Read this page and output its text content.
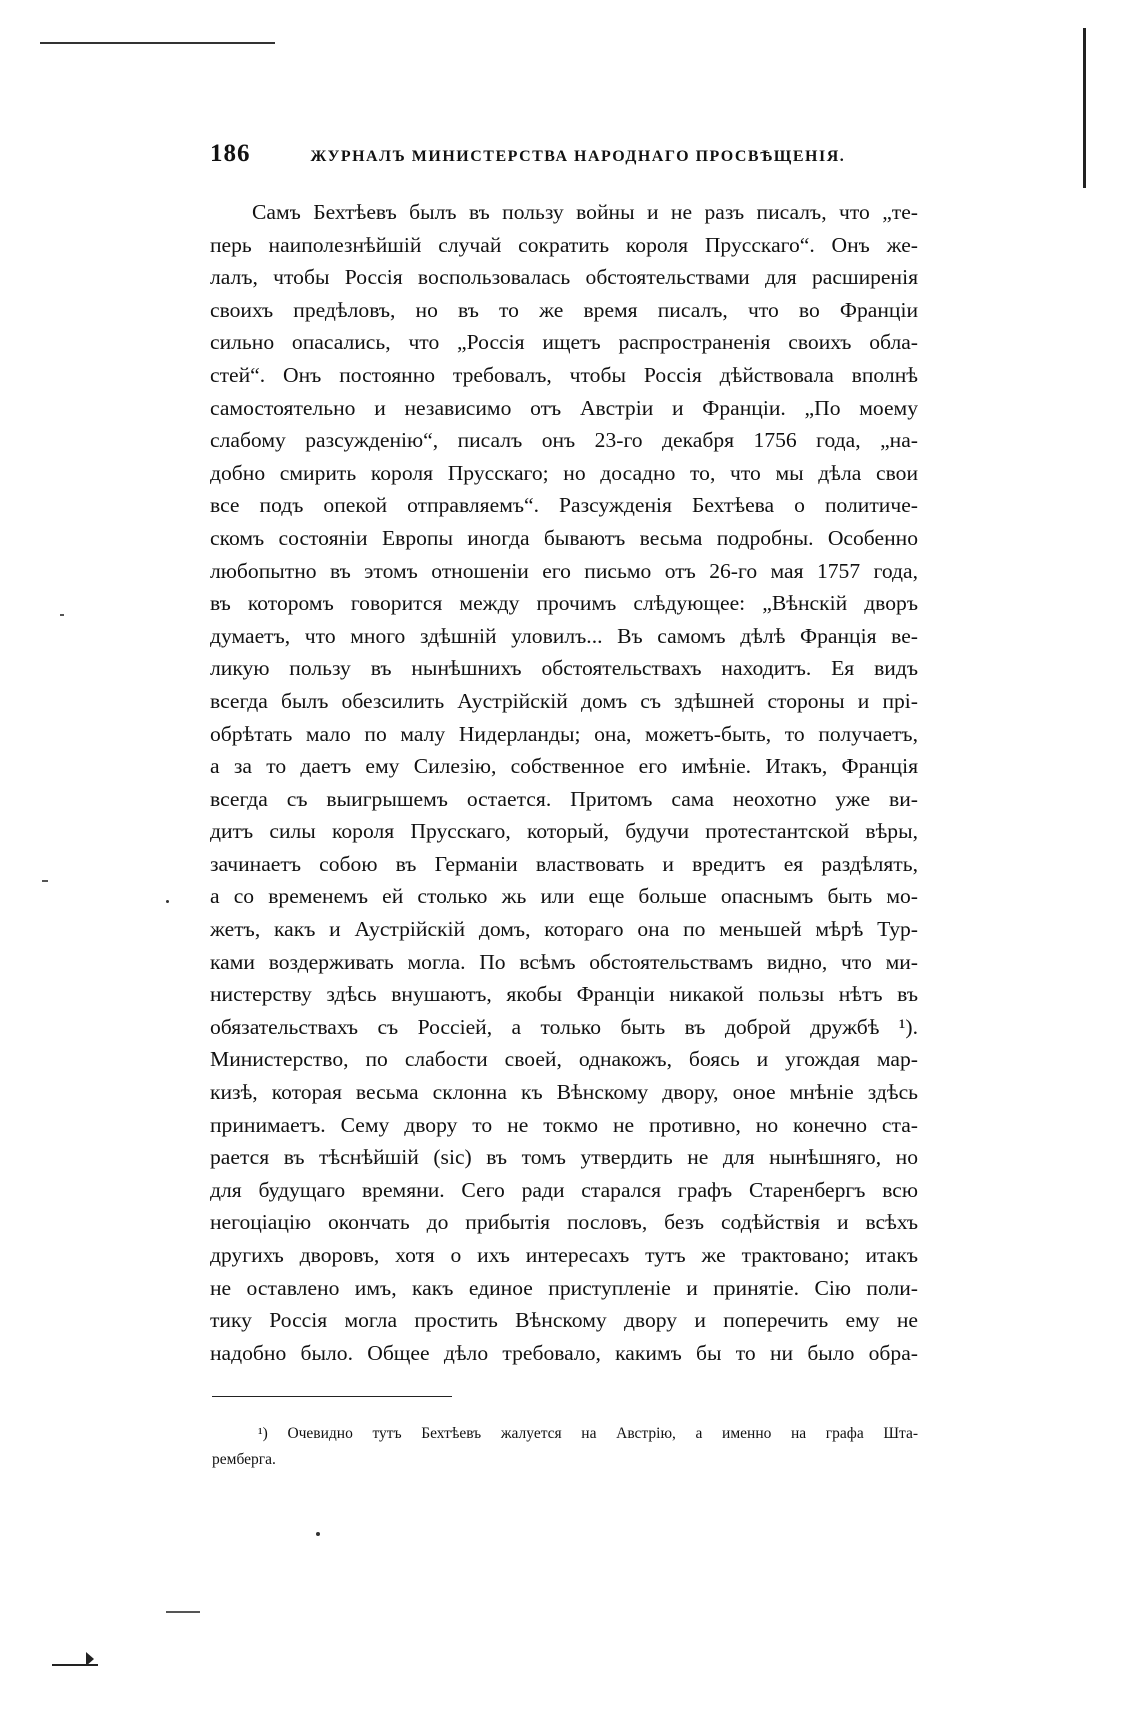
186	ЖУРНАЛЪ МИНИСТЕРСТВА НАРОДНАГО ПРОСВѢЩЕНІЯ.
Самъ Бехтѣевъ былъ въ пользу войны и не разъ писалъ, что „те-
перь наиполезнѣйшій случай сократить короля Прусскаго“. Онъ же-
лалъ, чтобы Россія воспользовалась обстоятельствами для расширенія
своихъ предѣловъ, но въ то же время писалъ, что во Франціи
сильно опасались, что „Россія ищетъ распространенія своихъ обла-
стей“. Онъ постоянно требовалъ, чтобы Россія дѣйствовала вполнѣ
самостоятельно и независимо отъ Австріи и Франціи. „По моему
слабому разсужденію“, писалъ онъ 23-го декабря 1756 года, „на-
добно смирить короля Прусскаго; но досадно то, что мы дѣла свои
все подъ опекой отправляемъ“. Разсужденія Бехтѣева о политиче-
скомъ состояніи Европы иногда бываютъ весьма подробны. Особенно
любопытно въ этомъ отношеніи его письмо отъ 26-го мая 1757 года,
въ которомъ говорится между прочимъ слѣдующее: „Вѣнскій дворъ
думаетъ, что много здѣшній уловилъ... Въ самомъ дѣлѣ Франція ве-
ликую пользу въ нынѣшнихъ обстоятельствахъ находитъ. Ея видъ
всегда былъ обезсилить Аустрійскій домъ съ здѣшней стороны и прі-
обрѣтать мало по малу Нидерланды; она, можетъ-быть, то получаетъ,
а за то даетъ ему Силезію, собственное его имѣніе. Итакъ, Франція
всегда съ выигрышемъ остается. Притомъ сама неохотно уже ви-
дитъ силы короля Прусскаго, который, будучи протестантской вѣры,
зачинаетъ собою въ Германіи властвовать и вредитъ ея раздѣлять,
а со временемъ ей столько жь или еще больше опаснымъ быть мо-
жетъ, какъ и Аустрійскій домъ, котораго она по меньшей мѣрѣ Тур-
ками воздерживать могла. По всѣмъ обстоятельствамъ видно, что ми-
нистерству здѣсь внушаютъ, якобы Франціи никакой пользы нѣтъ въ
обязательствахъ съ Россіей, а только быть въ доброй дружбѣ ¹).
Министерство, по слабости своей, однакожъ, боясь и угождая мар-
кизѣ, которая весьма склонна къ Вѣнскому двору, оное мнѣніе здѣсь
принимаетъ. Сему двору то не токмо не противно, но конечно ста-
рается въ тѣснѣйшій (sic) въ томъ утвердить не для нынѣшняго, но
для будущаго времяни. Сего ради старался графъ Старенбергъ всю
негоціацію окончать до прибытія пословъ, безъ содѣйствія и всѣхъ
другихъ дворовъ, хотя о ихъ интересахъ тутъ же трактовано; итакъ
не оставлено имъ, какъ единое приступленіе и принятіе. Сію поли-
тику Россія могла простить Вѣнскому двору и поперечить ему не
надобно было. Общее дѣло требовало, какимъ бы то ни было обра-
¹) Очевидно тутъ Бехтѣевъ жалуется на Австрію, а именно на графа Шта-
ремберга.
